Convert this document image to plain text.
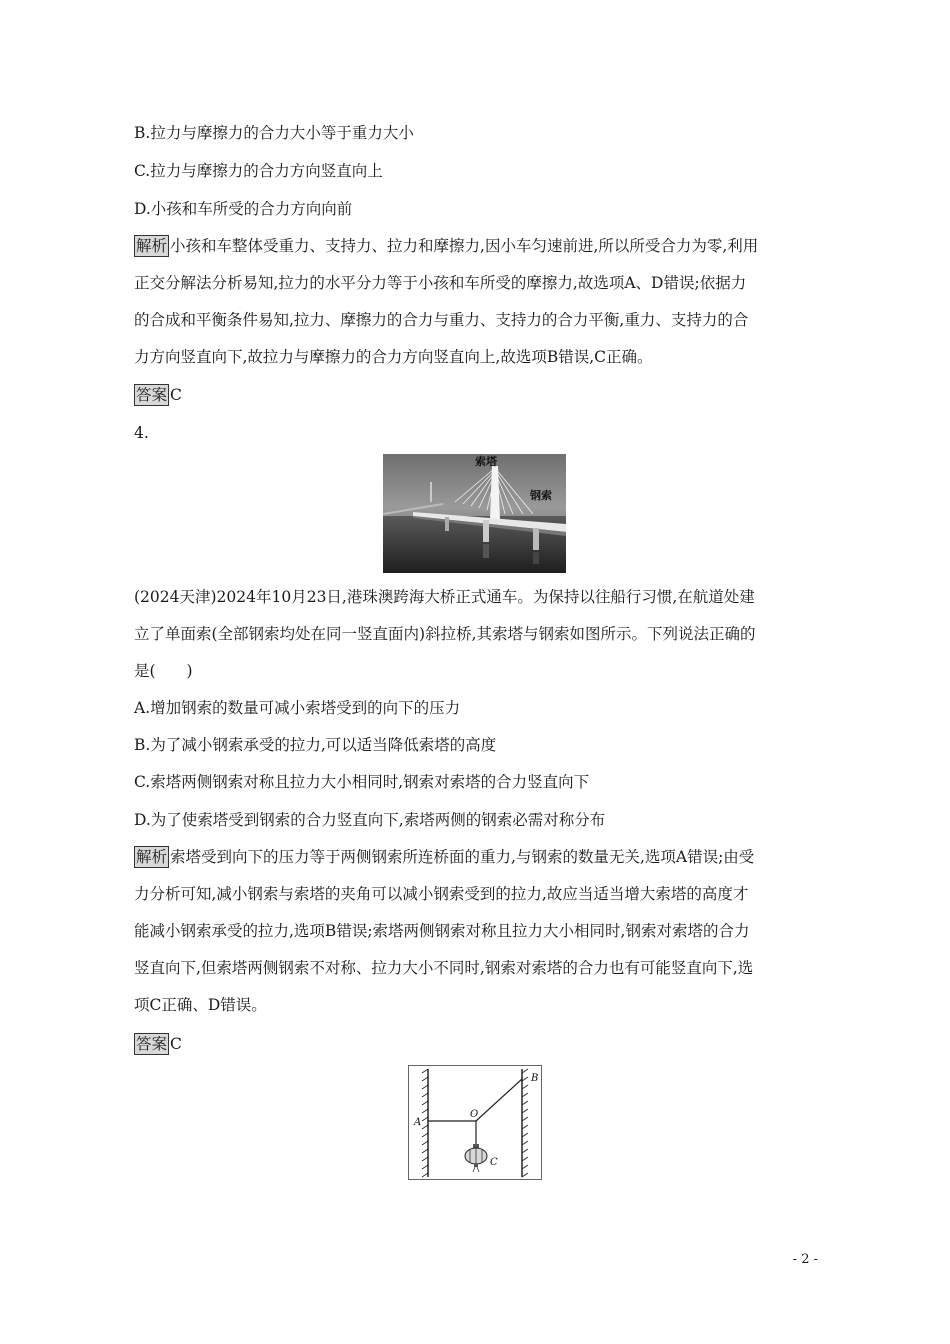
B.拉力与摩擦力的合力大小等于重力大小
C.拉力与摩擦力的合力方向竖直向上
D.小孩和车所受的合力方向向前
解析 小孩和车整体受重力、支持力、拉力和摩擦力,因小车匀速前进,所以所受合力为零,利用
正交分解法分析易知,拉力的水平分力等于小孩和车所受的摩擦力,故选项A、D错误;依据力
的合成和平衡条件易知,拉力、摩擦力的合力与重力、支持力的合力平衡,重力、支持力的合
力方向竖直向下,故拉力与摩擦力的合力方向竖直向上,故选项B错误,C正确。
答案 C
4.
索塔
钢索
(2024天津)2024年10月23日,港珠澳跨海大桥正式通车。为保持以往船行习惯,在航道处建
立了单面索(全部钢索均处在同一竖直面内)斜拉桥,其索塔与钢索如图所示。下列说法正确的
是(　　)
A.增加钢索的数量可减小索塔受到的向下的压力
B.为了减小钢索承受的拉力,可以适当降低索塔的高度
C.索塔两侧钢索对称且拉力大小相同时,钢索对索塔的合力竖直向下
D.为了使索塔受到钢索的合力竖直向下,索塔两侧的钢索必需对称分布
解析 索塔受到向下的压力等于两侧钢索所连桥面的重力,与钢索的数量无关,选项A错误;由受
力分析可知,减小钢索与索塔的夹角可以减小钢索受到的拉力,故应当适当增大索塔的高度才
能减小钢索承受的拉力,选项B错误;索塔两侧钢索对称且拉力大小相同时,钢索对索塔的合力
竖直向下,但索塔两侧钢索不对称、拉力大小不同时,钢索对索塔的合力也有可能竖直向下,选
项C正确、D错误。
答案 C
A
O
B
C
- 2 -
